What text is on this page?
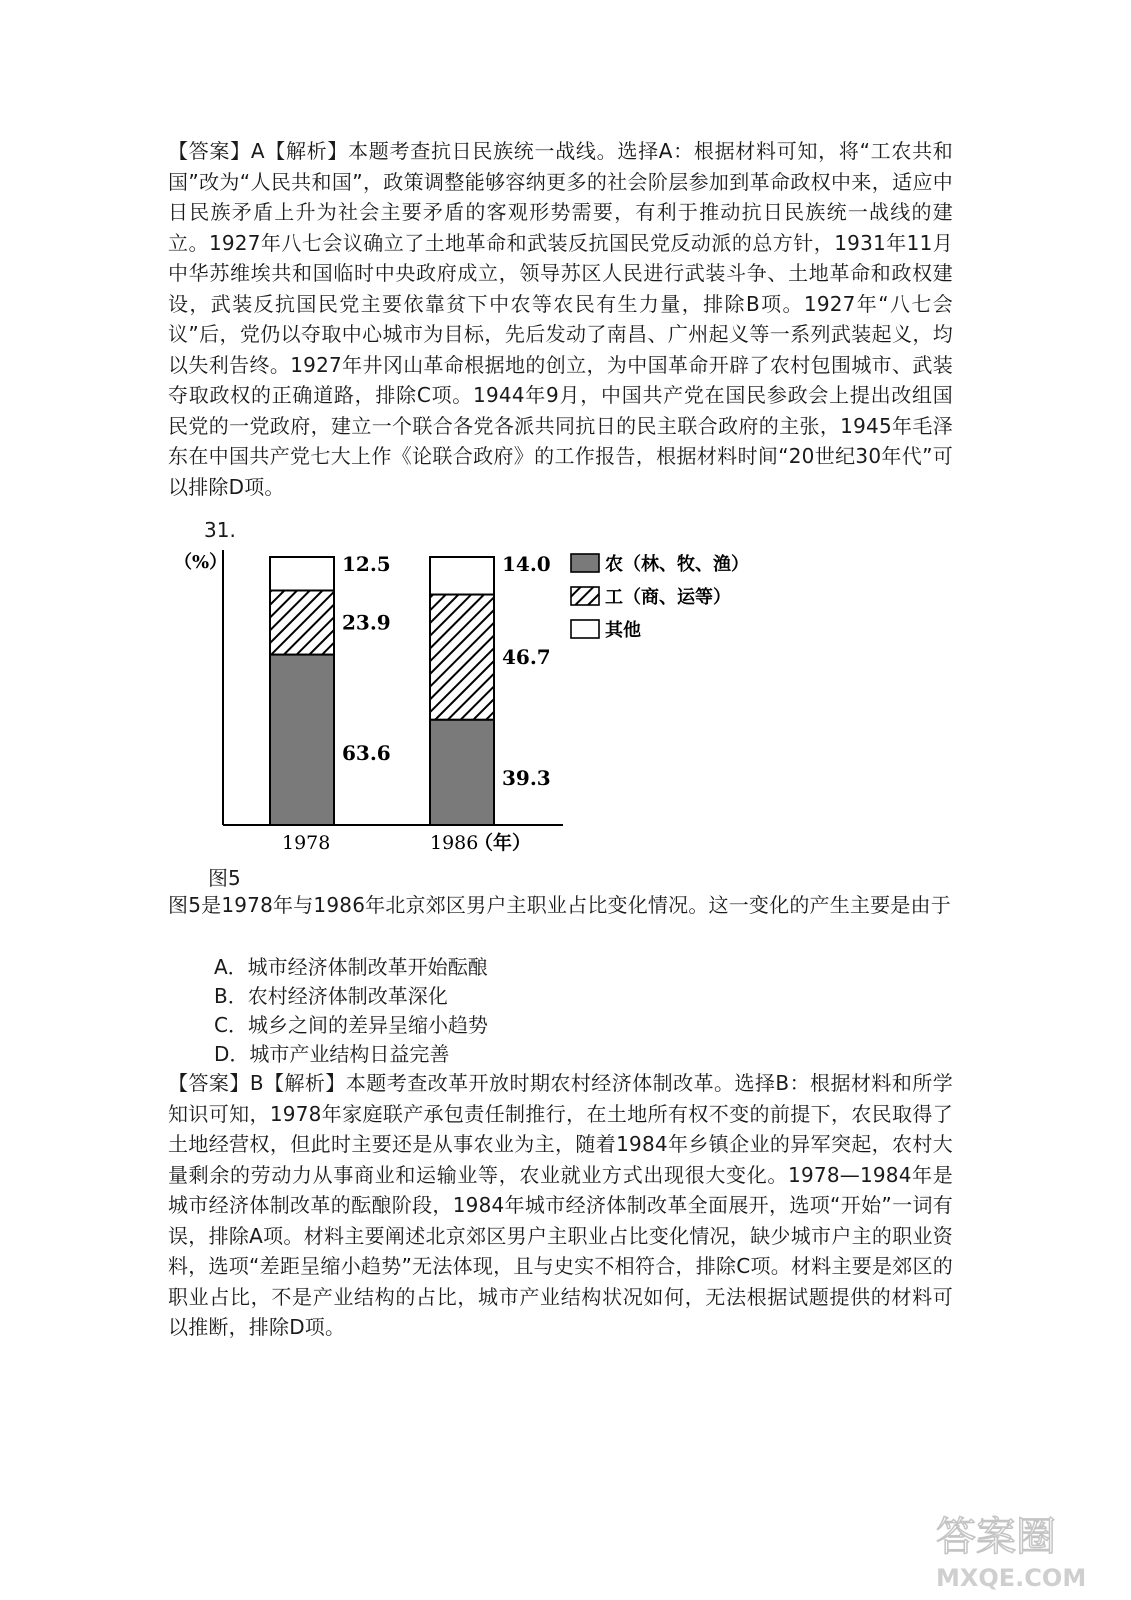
【答案】A【解析】本题考查抗日民族统一战线。选择A：根据材料可知，将“工农共和国”改为“人民共和国”，政策调整能够容纳更多的社会阶层参加到革命政权中来，适应中日民族矛盾上升为社会主要矛盾的客观形势需要，有利于推动抗日民族统一战线的建立。1927年八七会议确立了土地革命和武装反抗国民党反动派的总方针，1931年11月中华苏维埃共和国临时中央政府成立，领导苏区人民进行武装斗争、土地革命和政权建设，武装反抗国民党主要依靠贫下中农等农民有生力量，排除B项。1927年“八七会议”后，党仍以夺取中心城市为目标，先后发动了南昌、广州起义等一系列武装起义，均以失利告终。1927年井冈山革命根据地的创立，为中国革命开辟了农村包围城市、武装夺取政权的正确道路，排除C项。1944年9月，中国共产党在国民参政会上提出改组国民党的一党政府，建立一个联合各党各派共同抗日的民主联合政府的主张，1945年毛泽东在中国共产党七大上作《论联合政府》的工作报告，根据材料时间“20世纪30年代”可以排除D项。

31.
（%）
63.6
23.9
12.5
1978
39.3
46.7
14.0
1986
（年）
农（林、牧、渔）
工（商、运等）
其他
图5

图5是1978年与1986年北京郊区男户主职业占比变化情况。这一变化的产生主要是由于

A．城市经济体制改革开始酝酿
B．农村经济体制改革深化
C．城乡之间的差异呈缩小趋势
D．城市产业结构日益完善

【答案】B【解析】本题考查改革开放时期农村经济体制改革。选择B：根据材料和所学知识可知，1978年家庭联产承包责任制推行，在土地所有权不变的前提下，农民取得了土地经营权，但此时主要还是从事农业为主，随着1984年乡镇企业的异军突起，农村大量剩余的劳动力从事商业和运输业等，农业就业方式出现很大变化。1978—1984年是城市经济体制改革的酝酿阶段，1984年城市经济体制改革全面展开，选项“开始”一词有误，排除A项。材料主要阐述北京郊区男户主职业占比变化情况，缺少城市户主的职业资料，选项“差距呈缩小趋势”无法体现，且与史实不相符合，排除C项。材料主要是郊区的职业占比，不是产业结构的占比，城市产业结构状况如何，无法根据试题提供的材料可以推断，排除D项。

答案圈
MXQE.COM
